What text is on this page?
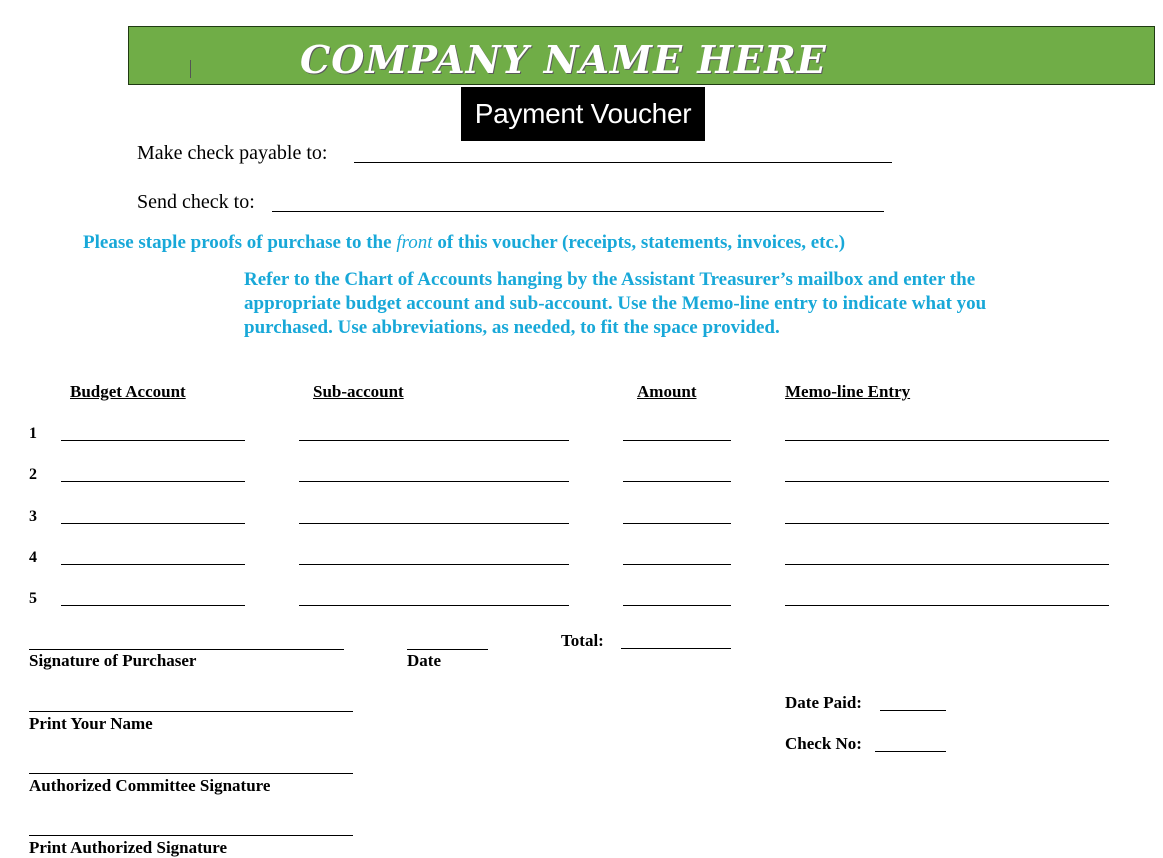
COMPANY NAME HERE
Payment Voucher
Make check payable to:
Send check to:
Please staple proofs of purchase to the front of this voucher (receipts, statements, invoices, etc.)
Refer to the Chart of Accounts hanging by the Assistant Treasurer’s mailbox and enter the
appropriate budget account and sub-account. Use the Memo-line entry to indicate what you
purchased. Use abbreviations, as needed, to fit the space provided.
Budget Account	Sub-account	Amount	Memo-line Entry
1
2
3
4
5
Total:
Signature of Purchaser	Date
Print Your Name
Authorized Committee Signature
Print Authorized Signature
Date Paid:
Check No:
